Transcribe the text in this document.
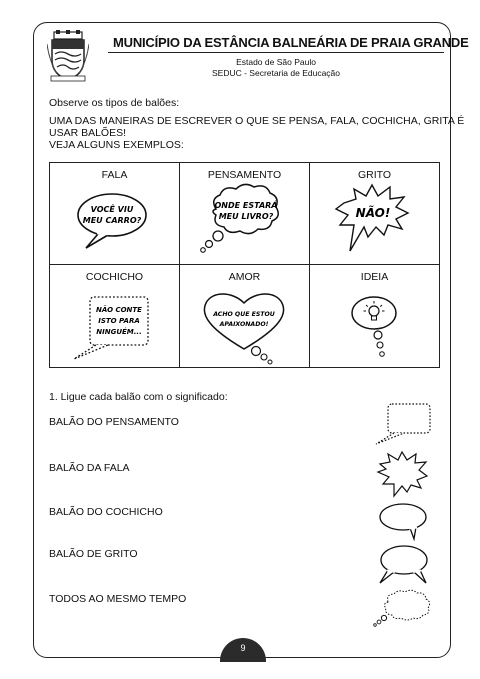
MUNICÍPIO DA ESTÂNCIA BALNEÁRIA DE PRAIA GRANDE
Estado de São Paulo
SEDUC - Secretaria de Educação
Observe os tipos de balões:
UMA DAS MANEIRAS DE ESCREVER O QUE SE PENSA, FALA, COCHICHA, GRITA É
USAR BALÕES!
VEJA ALGUNS EXEMPLOS:
FALA
VOCÊ VIU
MEU CARRO?
PENSAMENTO
ONDE ESTARÁ
MEU LIVRO?
GRITO
NÃO!
COCHICHO
NÃO CONTE
ISTO PARA
NINGUÉM...
AMOR
ACHO QUE ESTOU
APAIXONADO!
IDEIA
1. Ligue cada balão com o significado:
BALÃO DO PENSAMENTO
BALÃO DA FALA
BALÃO DO COCHICHO
BALÃO DE GRITO
TODOS AO MESMO TEMPO
9
